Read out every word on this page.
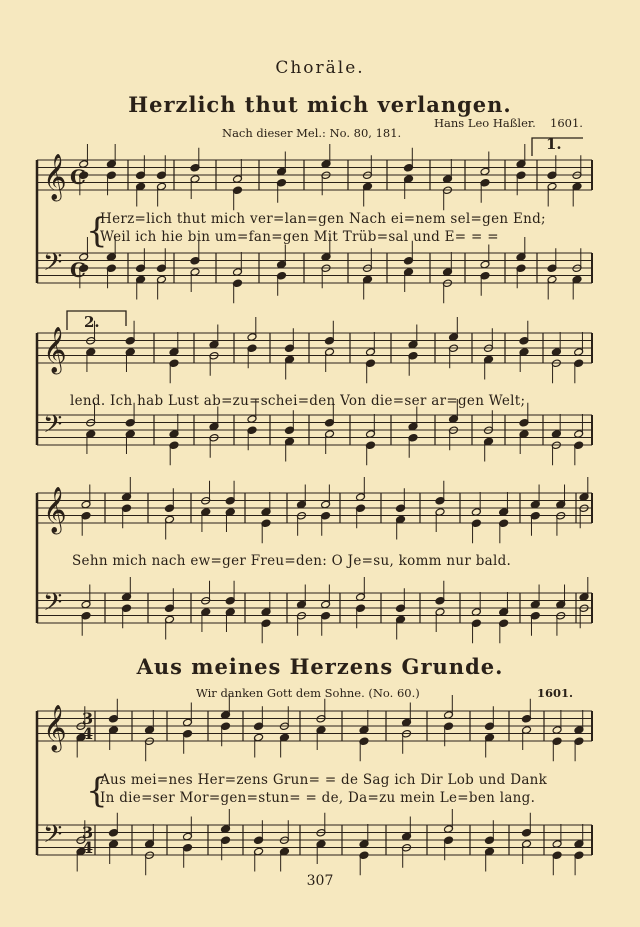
𝄞
𝄢
𝄞
𝄢
𝄞
𝄢
𝄞
𝄢
3
4
3
4
C
C
{
{
Choräle.
Herzlich thut mich verlangen.
Nach dieser Mel.: No. 80, 181.
Hans Leo Haßler. 1601.
1.
2.
Herz=lich thut mich ver=lan=gen Nach ei=nem sel=gen End;
Weil ich hie bin um=fan=gen Mit Trüb=sal und E= = =
lend. Ich hab Lust ab=zu=schei=den Von die=ser ar=gen Welt;
Sehn mich nach ew=ger Freu=den: O Je=su, komm nur bald.
Aus meines Herzens Grunde.
Wir danken Gott dem Sohne. (No. 60.)	1601.
Aus mei=nes Her=zens Grun= = de Sag ich Dir Lob und Dank
In die=ser Mor=gen=stun= = de, Da=zu mein Le=ben lang.
307
